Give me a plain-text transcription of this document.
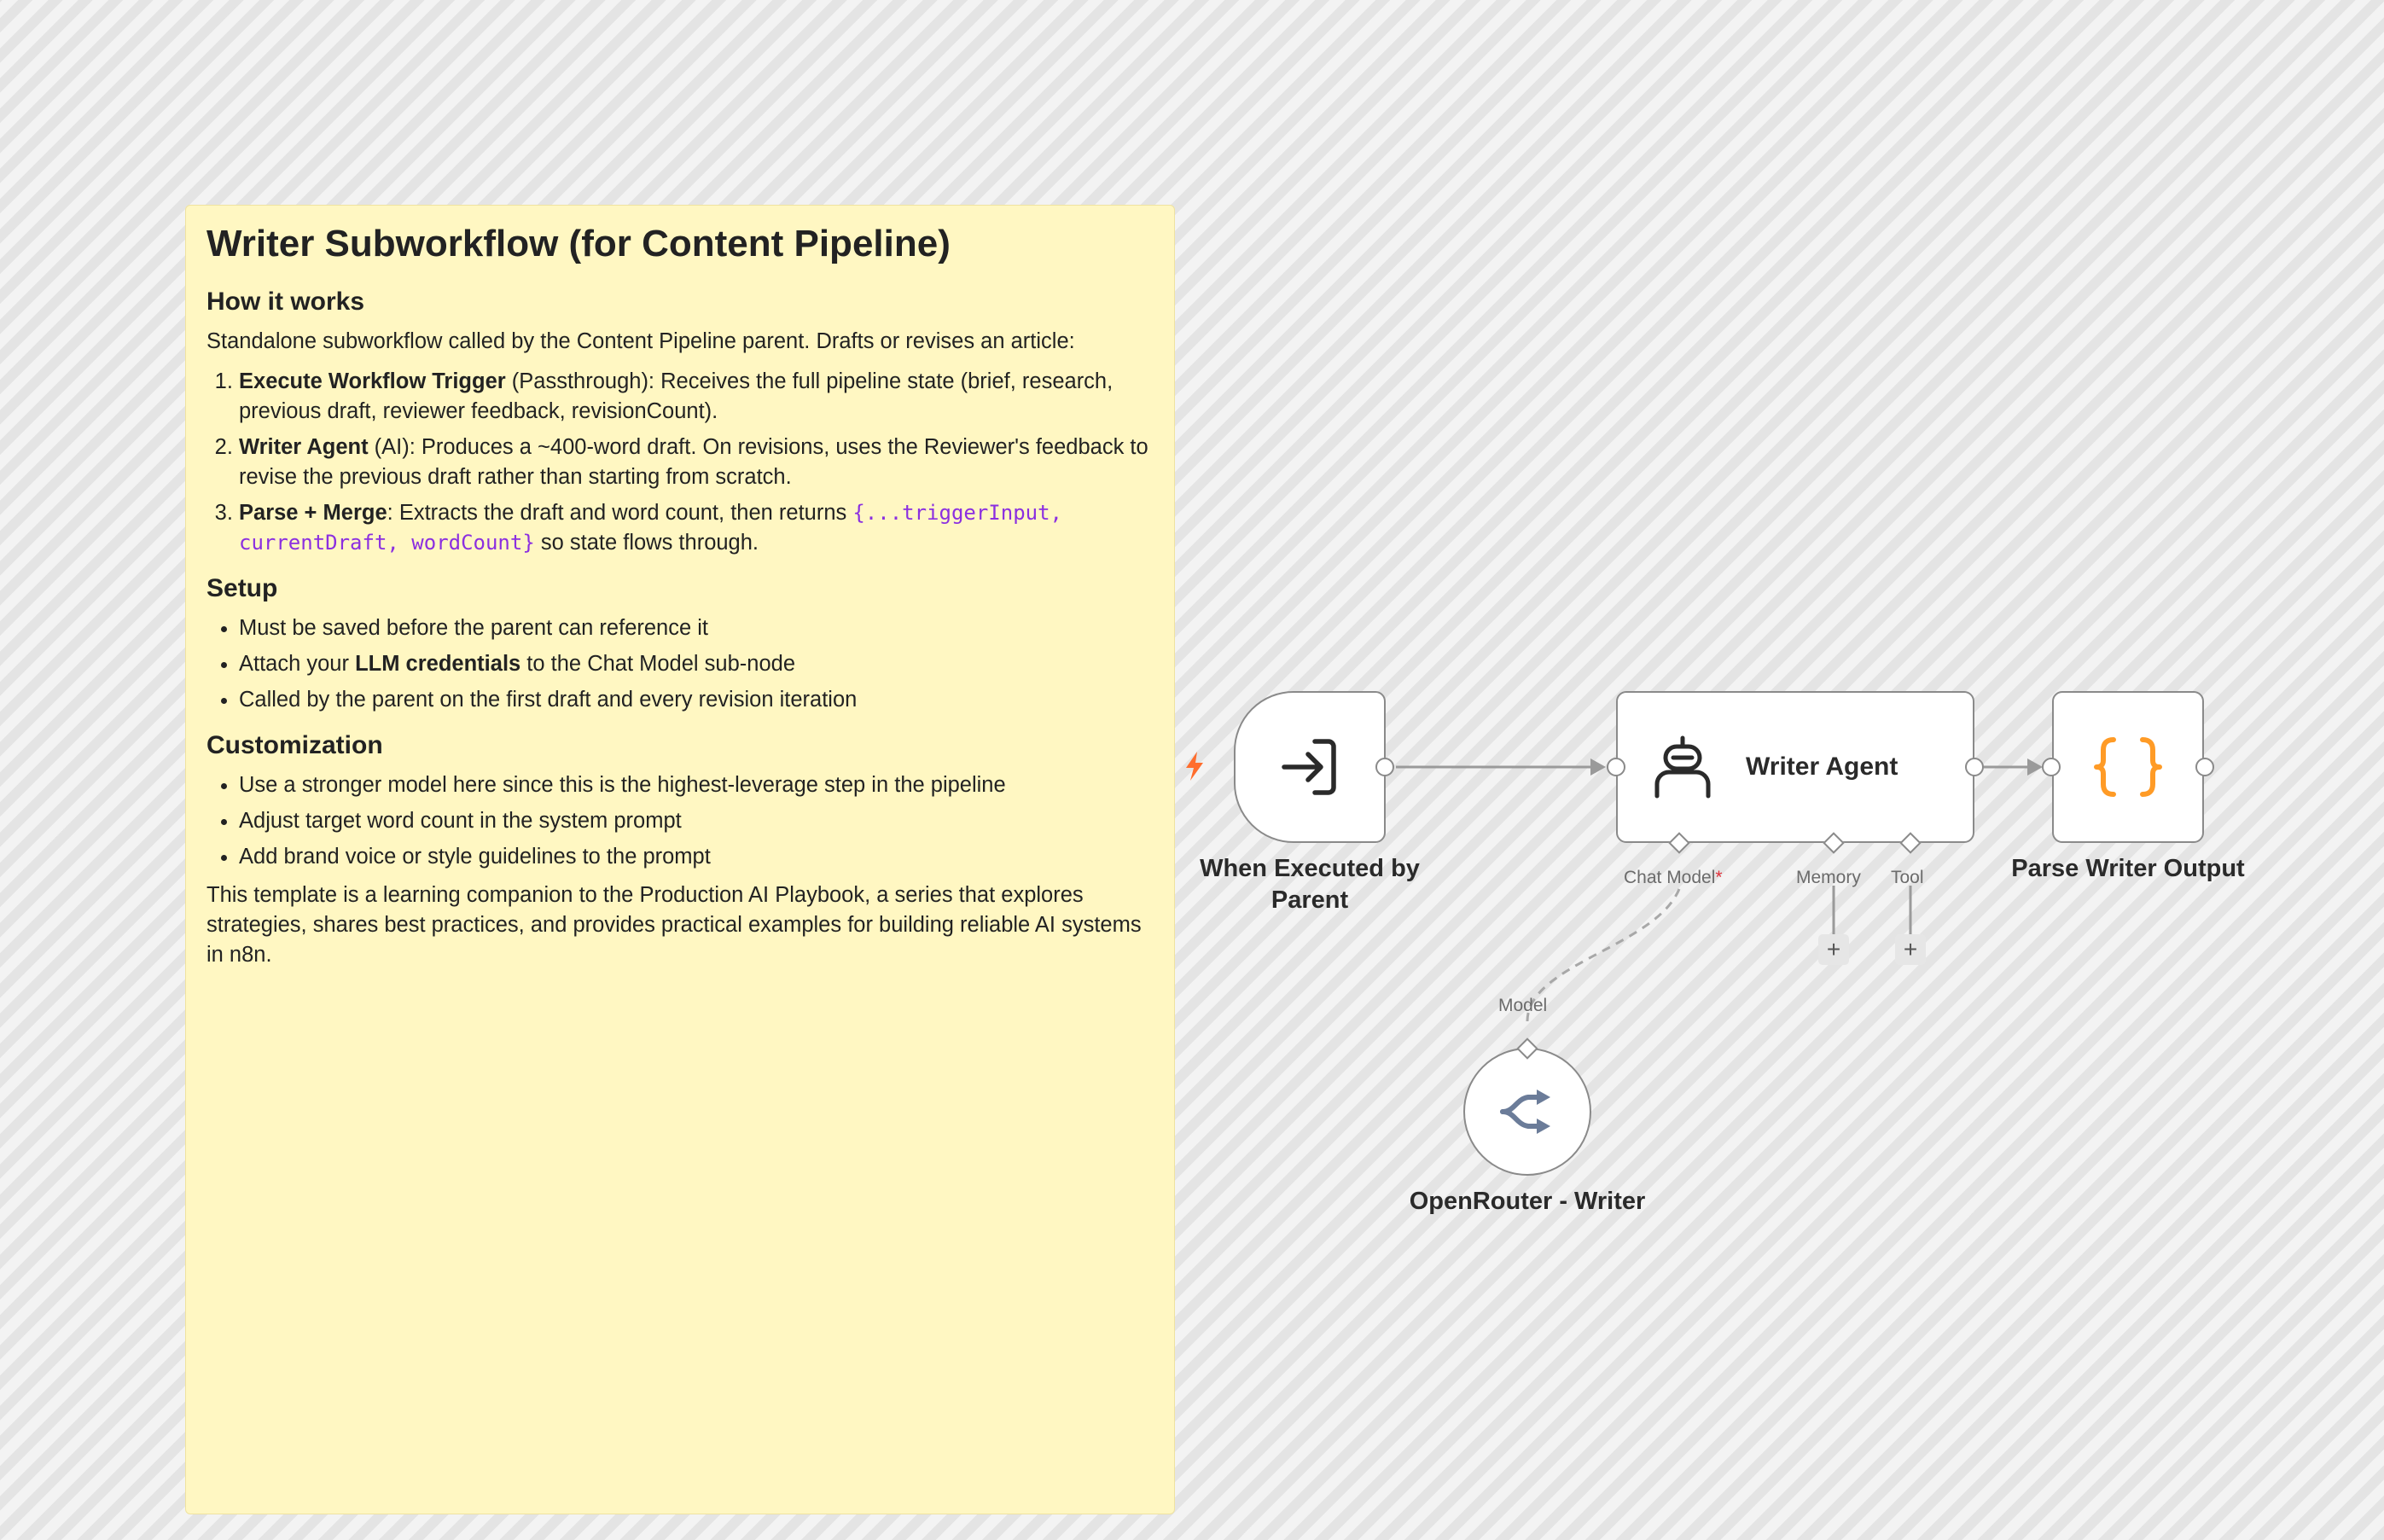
Writer Subworkflow (for Content Pipeline)
How it works

Standalone subworkflow called by the Content Pipeline parent. Drafts or revises an article:

1. Execute Workflow Trigger (Passthrough): Receives the full pipeline state (brief, research, previous draft, reviewer feedback, revisionCount).
2. Writer Agent (AI): Produces a ~400-word draft. On revisions, uses the Reviewer's feedback to revise the previous draft rather than starting from scratch.
3. Parse + Merge: Extracts the draft and word count, then returns {...triggerInput, currentDraft, wordCount} so state flows through.
Setup
• Must be saved before the parent can reference it
• Attach your LLM credentials to the Chat Model sub-node
• Called by the parent on the first draft and every revision iteration
Customization
• Use a stronger model here since this is the highest-leverage step in the pipeline
• Adjust target word count in the system prompt
• Add brand voice or style guidelines to the prompt

This template is a learning companion to the Production AI Playbook, a series that explores strategies, shares best practices, and provides practical examples for building reliable AI systems in n8n.

When Executed by Parent
Writer Agent
Chat Model*	Memory Tool
+	+
Parse Writer Output
Model
OpenRouter - Writer
